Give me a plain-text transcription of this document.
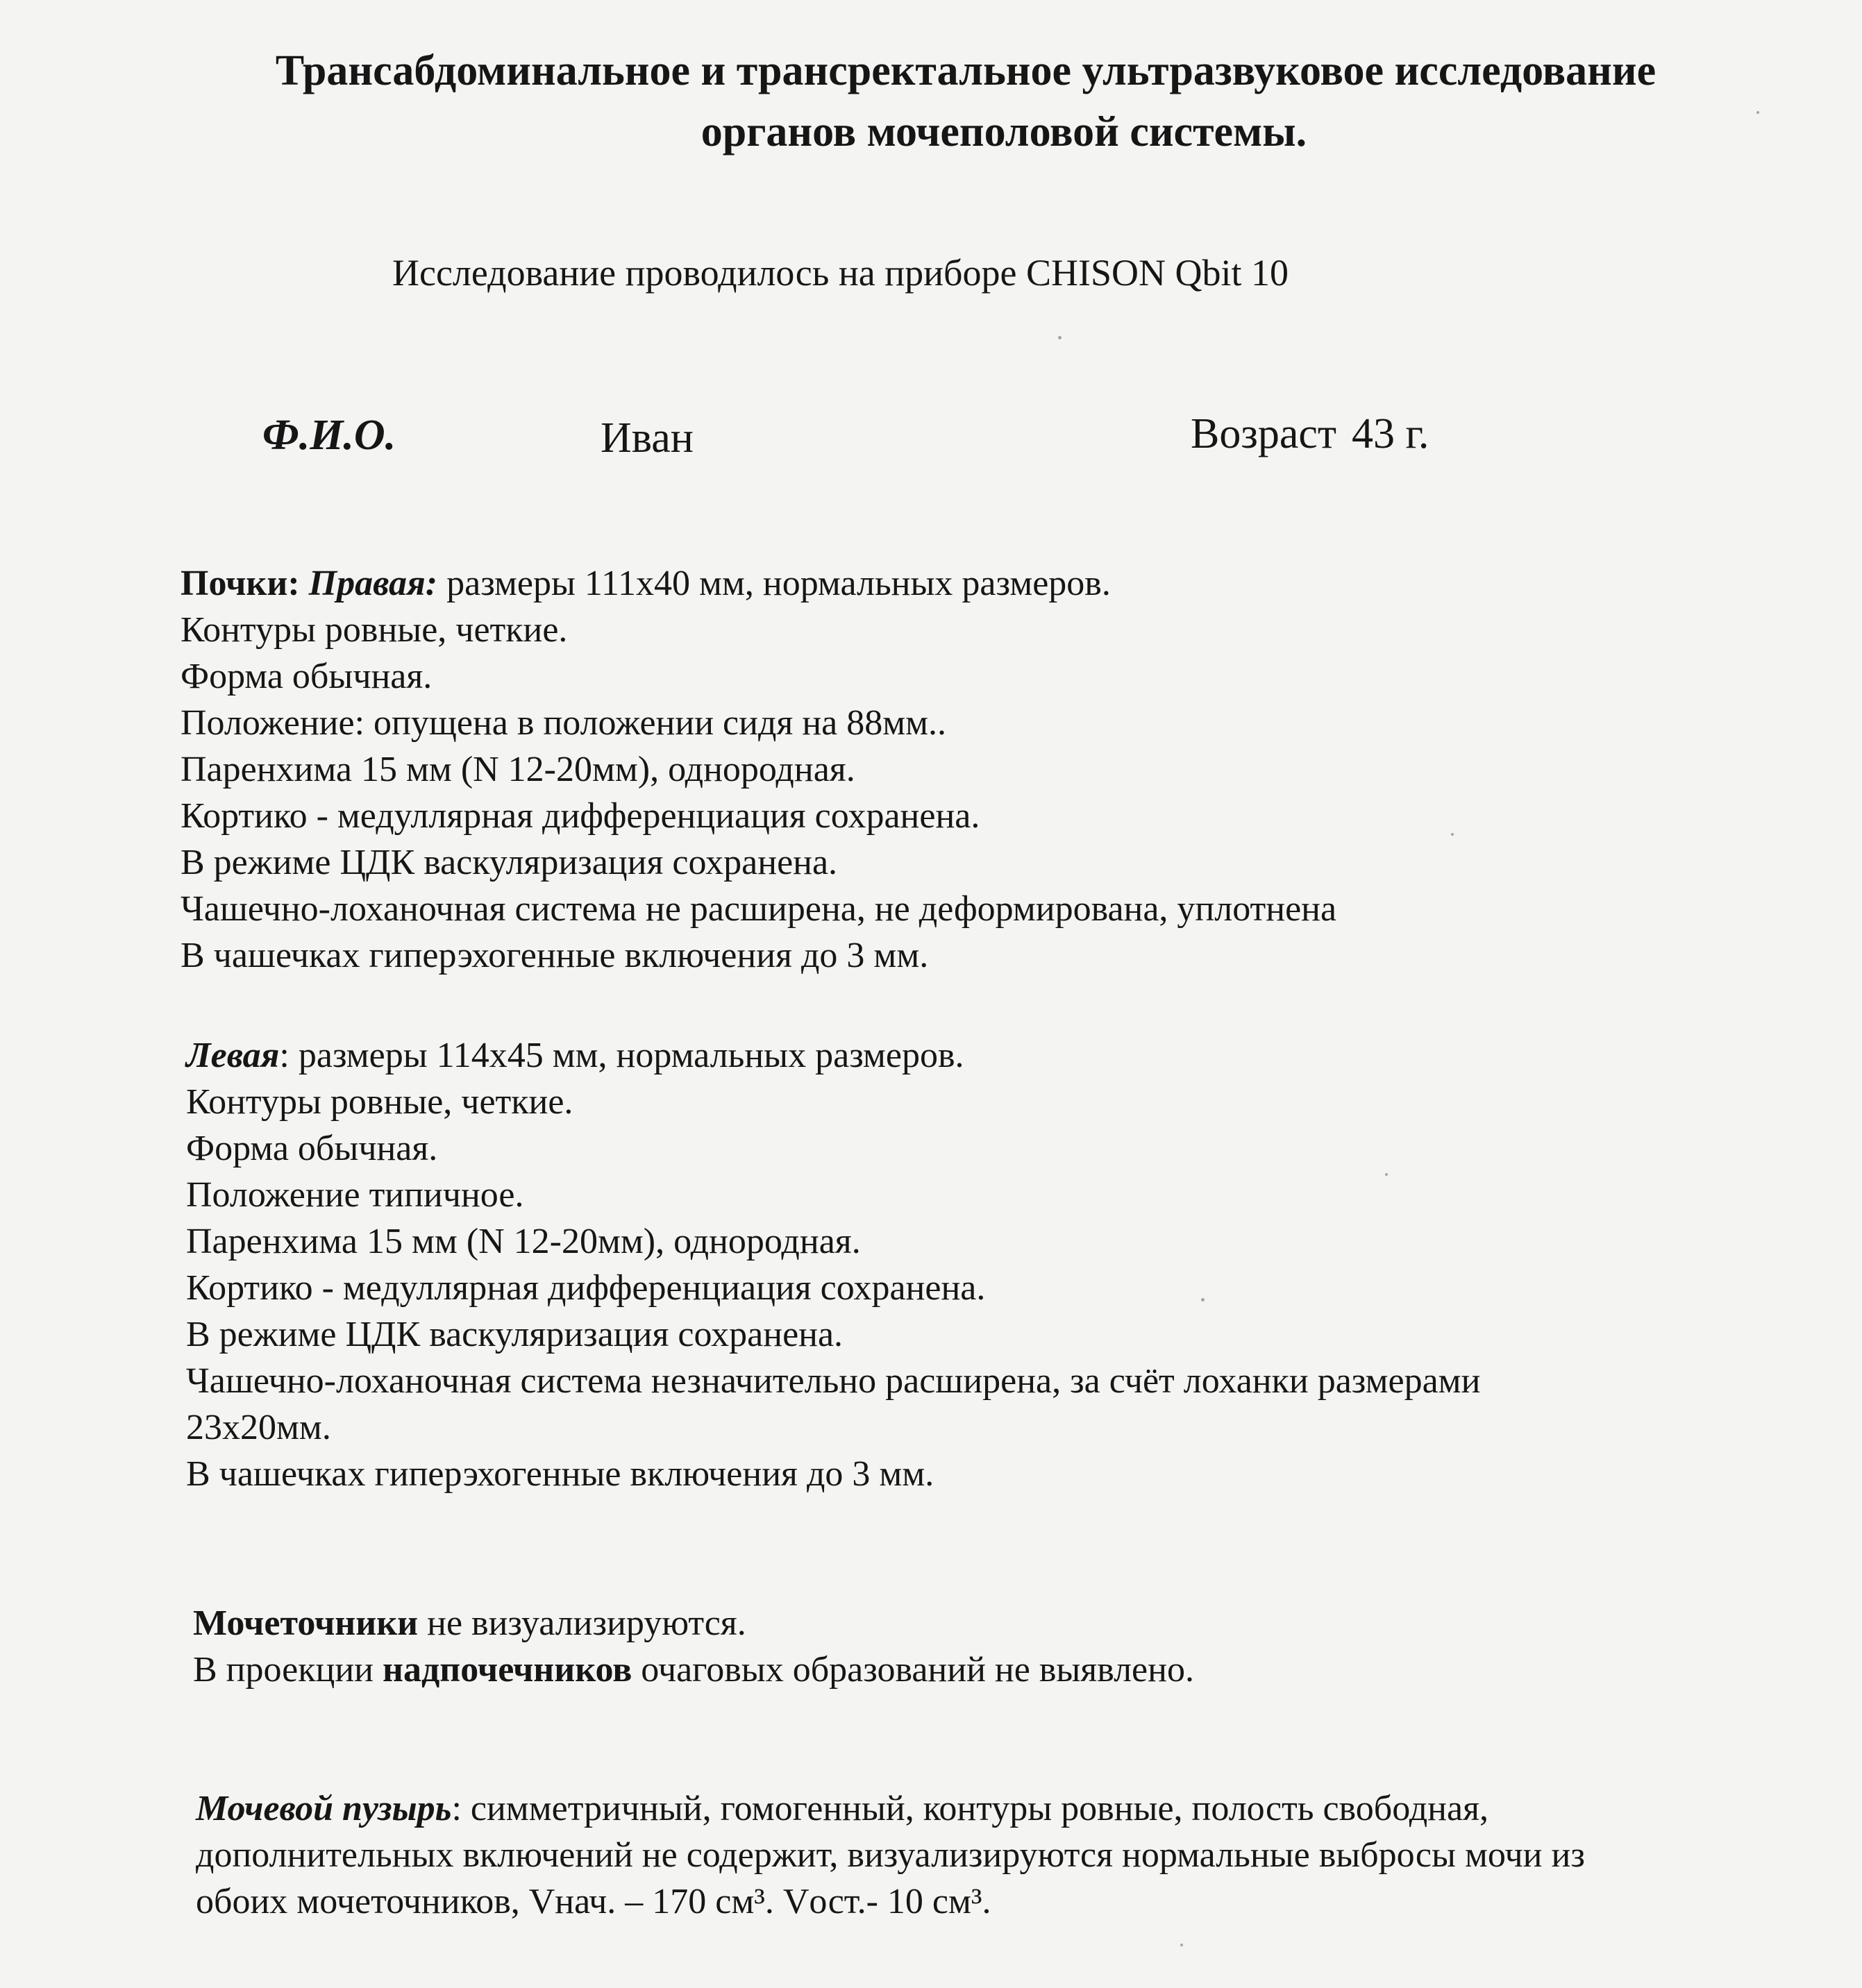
Трансабдоминальное и трансректальное ультразвуковое исследование
органов мочеполовой системы.
Исследование проводилось на приборе CHISON Qbit 10
Ф.И.О.	Иван	Возраст 43 г.

Почки: Правая: размеры 111х40 мм, нормальных размеров.

Контуры ровные, четкие.

Форма обычная.

Положение: опущена в положении сидя на 88мм..

Паренхима 15 мм (N 12-20мм), однородная.

Кортико - медуллярная дифференциация сохранена.

В режиме ЦДК васкуляризация сохранена.

Чашечно-лоханочная система не расширена, не деформирована, уплотнена

В чашечках гиперэхогенные включения до 3 мм.

Левая: размеры 114х45 мм, нормальных размеров.

Контуры ровные, четкие.

Форма обычная.

Положение типичное.

Паренхима 15 мм (N 12-20мм), однородная.

Кортико - медуллярная дифференциация сохранена.

В режиме ЦДК васкуляризация сохранена.

Чашечно-лоханочная система незначительно расширена, за счёт лоханки размерами

23х20мм.

В чашечках гиперэхогенные включения до 3 мм.

Мочеточники не визуализируются.

В проекции надпочечников очаговых образований не выявлено.

Мочевой пузырь: симметричный, гомогенный, контуры ровные, полость свободная,

дополнительных включений не содержит, визуализируются нормальные выбросы мочи из

обоих мочеточников, Vнач. – 170 см³. Vост.- 10 см³.
